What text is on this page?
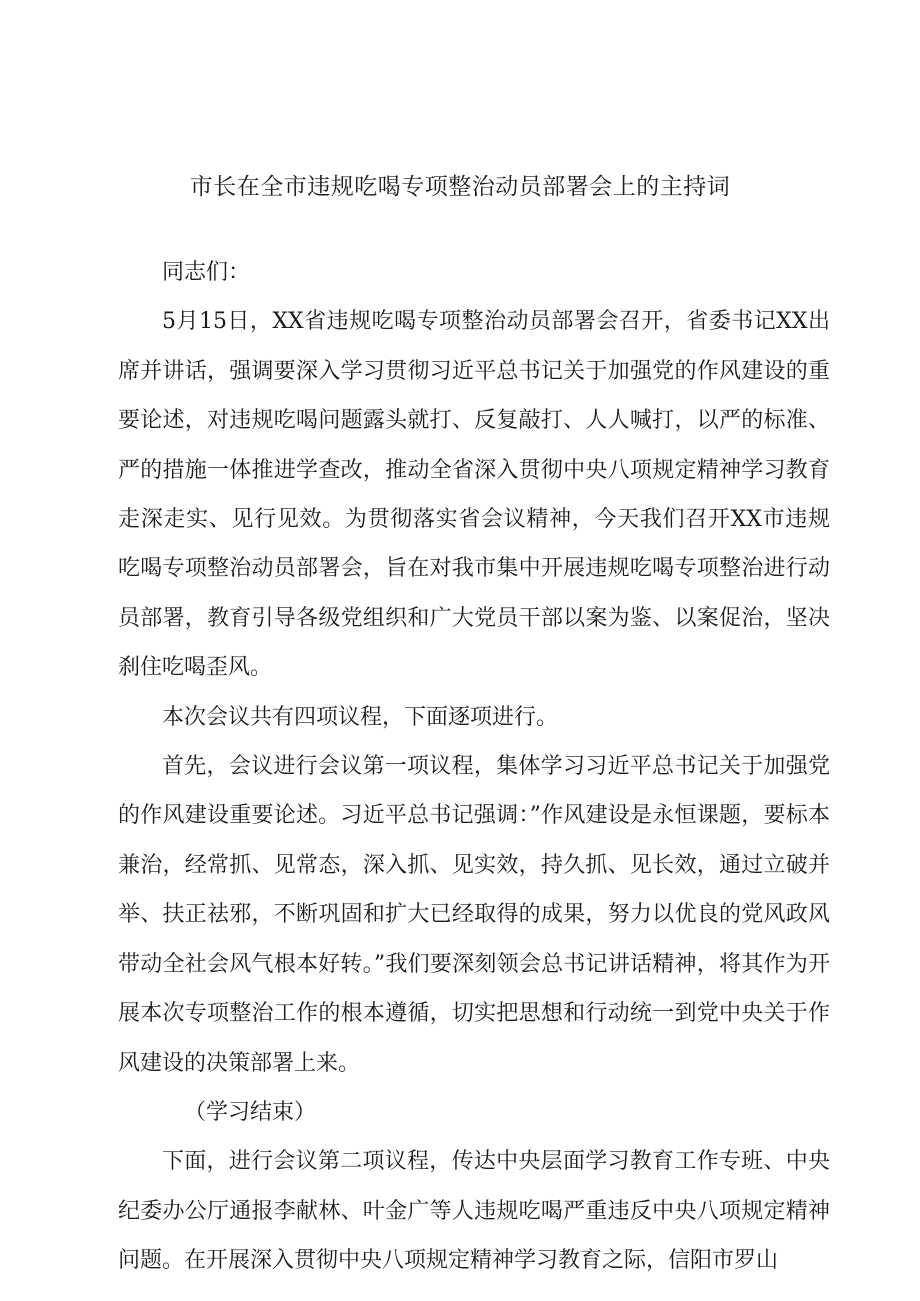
市长在全市违规吃喝专项整治动员部署会上的主持词

同志们：

5月15日，XX省违规吃喝专项整治动员部署会召开，省委书记XX出席并讲话，强调要深入学习贯彻习近平总书记关于加强党的作风建设的重要论述，对违规吃喝问题露头就打、反复敲打、人人喊打，以严的标准、严的措施一体推进学查改，推动全省深入贯彻中央八项规定精神学习教育走深走实、见行见效。为贯彻落实省会议精神，今天我们召开XX市违规吃喝专项整治动员部署会，旨在对我市集中开展违规吃喝专项整治进行动员部署，教育引导各级党组织和广大党员干部以案为鉴、以案促治，坚决刹住吃喝歪风。

本次会议共有四项议程，下面逐项进行。

首先，会议进行会议第一项议程，集体学习习近平总书记关于加强党的作风建设重要论述。习近平总书记强调：”作风建设是永恒课题，要标本兼治，经常抓、见常态，深入抓、见实效，持久抓、见长效，通过立破并举、扶正祛邪，不断巩固和扩大已经取得的成果，努力以优良的党风政风带动全社会风气根本好转。”我们要深刻领会总书记讲话精神，将其作为开展本次专项整治工作的根本遵循，切实把思想和行动统一到党中央关于作风建设的决策部署上来。

（学习结束）

下面，进行会议第二项议程，传达中央层面学习教育工作专班、中央纪委办公厅通报李献林、叶金广等人违规吃喝严重违反中央八项规定精神问题。在开展深入贯彻中央八项规定精神学习教育之际，信阳市罗山
